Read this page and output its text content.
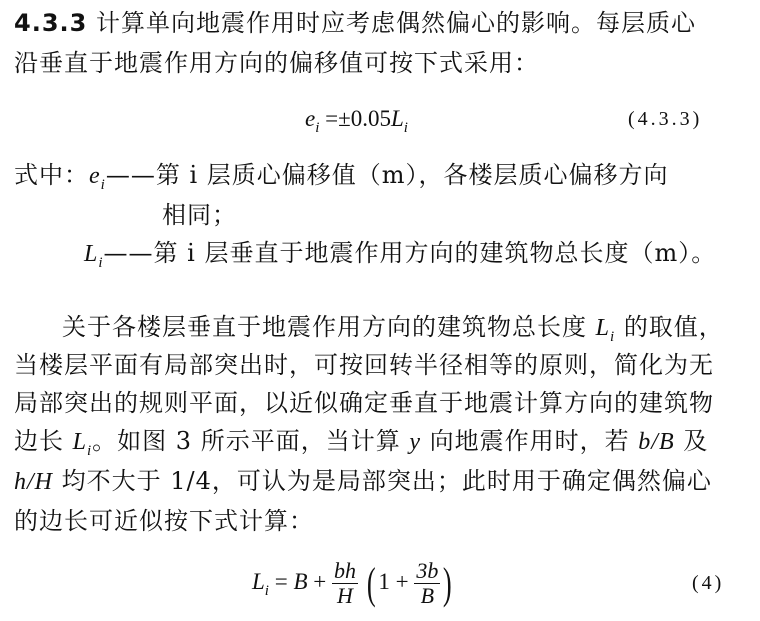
4.3.3 计算单向地震作用时应考虑偶然偏心的影响。每层质心
沿垂直于地震作用方向的偏移值可按下式采用：
$e_i =\pm 0.05L_i$	(4.3.3)
式中：$e_i——$第 i 层质心偏移值（m），各楼层质心偏移方向
相同；
$L_i——$第 i 层垂直于地震作用方向的建筑物总长度（m）。
关于各楼层垂直于地震作用方向的建筑物总长度 $L_i$ 的取值，
当楼层平面有局部突出时，可按回转半径相等的原则，简化为无
局部突出的规则平面，以近似确定垂直于地震计算方向的建筑物
边长 $L_i$。如图 3 所示平面，当计算 y 向地震作用时，若 b/B 及
h/H 均不大于 1/4，可认为是局部突出；此时用于确定偶然偏心
的边长可近似按下式计算：
$L_i = B + \frac{bh}{H}$ ( $1 + \frac{3b}{B}$ )	(4)
